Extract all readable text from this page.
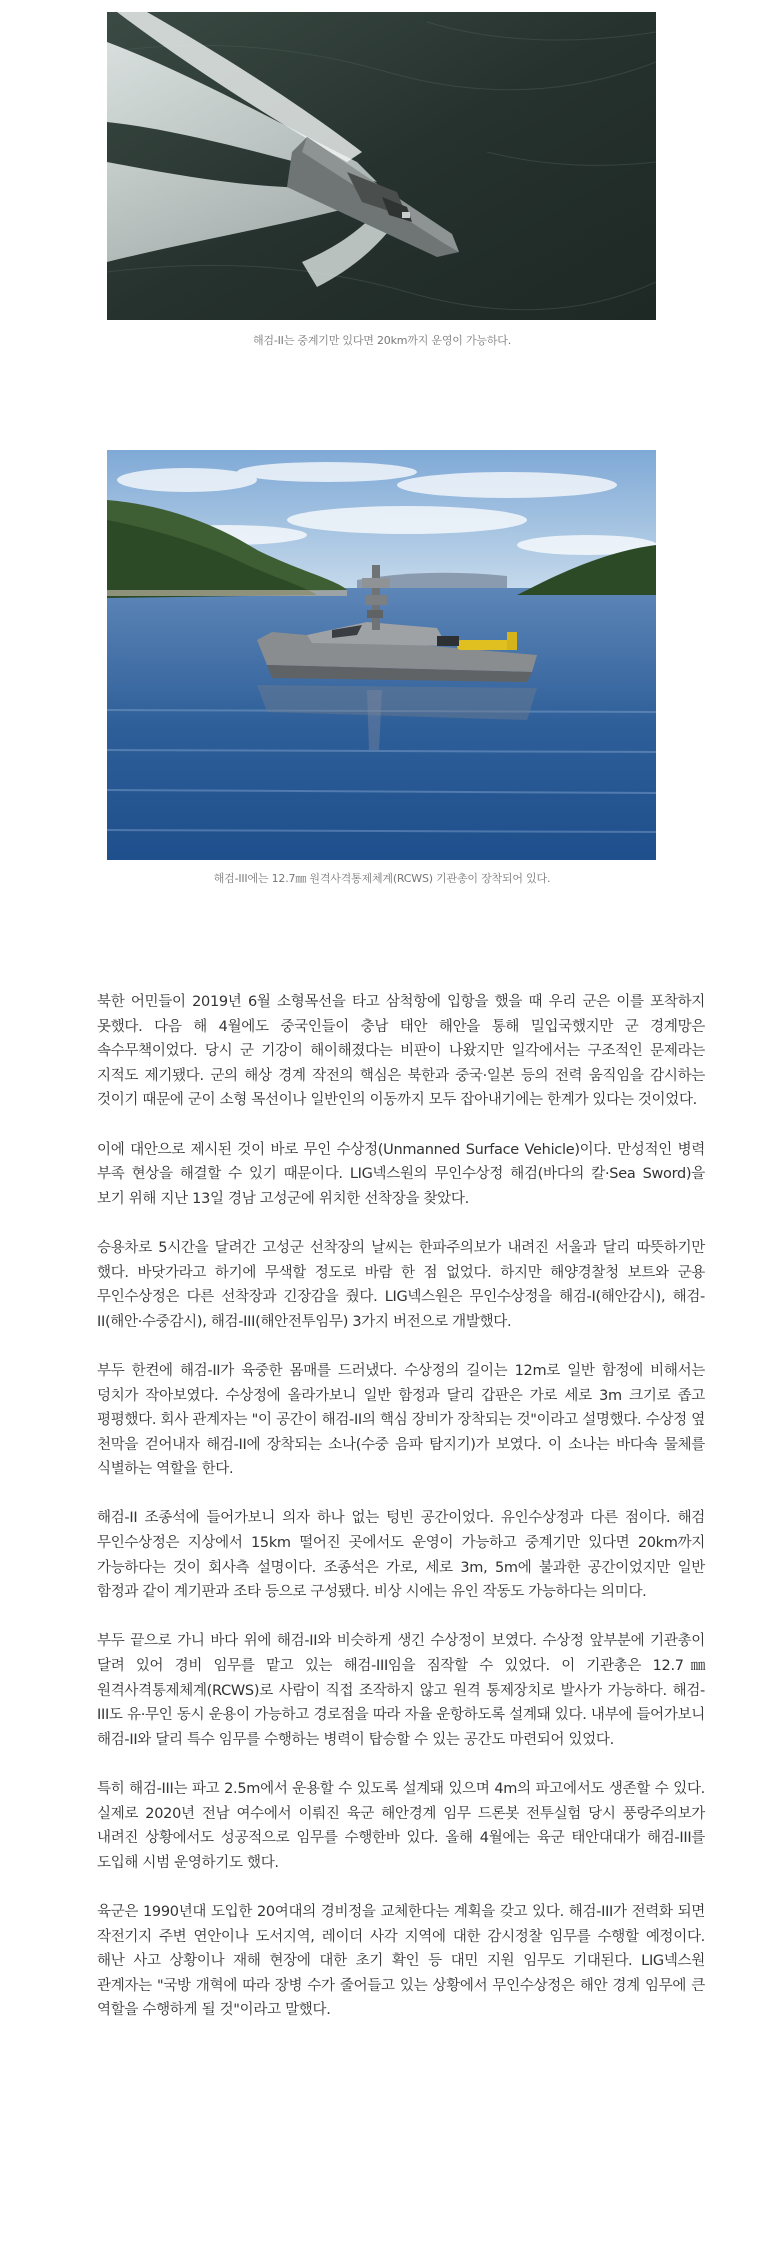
해검-II는 중계기만 있다면 20km까지 운영이 가능하다.
해검-III에는 12.7㎜ 원격사격통제체계(RCWS) 기관총이 장착되어 있다.

북한 어민들이 2019년 6월 소형목선을 타고 삼척항에 입항을 했을 때 우리 군은 이를 포착하지 못했다. 다음 해 4월에도 중국인들이 충남 태안 해안을 통해 밀입국했지만 군 경계망은 속수무책이었다. 당시 군 기강이 해이해졌다는 비판이 나왔지만 일각에서는 구조적인 문제라는 지적도 제기됐다. 군의 해상 경계 작전의 핵심은 북한과 중국·일본 등의 전력 움직임을 감시하는 것이기 때문에 군이 소형 목선이나 일반인의 이동까지 모두 잡아내기에는 한계가 있다는 것이었다.

이에 대안으로 제시된 것이 바로 무인 수상정(Unmanned Surface Vehicle)이다. 만성적인 병력 부족 현상을 해결할 수 있기 때문이다. LIG넥스원의 무인수상정 해검(바다의 칼·Sea Sword)을 보기 위해 지난 13일 경남 고성군에 위치한 선착장을 찾았다.

승용차로 5시간을 달려간 고성군 선착장의 날씨는 한파주의보가 내려진 서울과 달리 따뜻하기만 했다. 바닷가라고 하기에 무색할 정도로 바람 한 점 없었다. 하지만 해양경찰청 보트와 군용 무인수상정은 다른 선착장과 긴장감을 줬다. LIG넥스원은 무인수상정을 해검-I(해안감시), 해검-II(해안·수중감시), 해검-III(해안전투임무) 3가지 버전으로 개발했다.

부두 한켠에 해검-II가 육중한 몸매를 드러냈다. 수상정의 길이는 12m로 일반 함정에 비해서는 덩치가 작아보였다. 수상정에 올라가보니 일반 함정과 달리 갑판은 가로 세로 3m 크기로 좁고 평평했다. 회사 관계자는 "이 공간이 해검-II의 핵심 장비가 장착되는 것"이라고 설명했다. 수상정 옆 천막을 걷어내자 해검-II에 장착되는 소나(수중 음파 탐지기)가 보였다. 이 소나는 바다속 물체를 식별하는 역할을 한다.

해검-II 조종석에 들어가보니 의자 하나 없는 텅빈 공간이었다. 유인수상정과 다른 점이다. 해검 무인수상정은 지상에서 15km 떨어진 곳에서도 운영이 가능하고 중계기만 있다면 20km까지 가능하다는 것이 회사측 설명이다. 조종석은 가로, 세로 3m, 5m에 불과한 공간이었지만 일반 함정과 같이 계기판과 조타 등으로 구성됐다. 비상 시에는 유인 작동도 가능하다는 의미다.

부두 끝으로 가니 바다 위에 해검-II와 비슷하게 생긴 수상정이 보였다. 수상정 앞부분에 기관총이 달려 있어 경비 임무를 맡고 있는 해검-III임을 짐작할 수 있었다. 이 기관총은 12.7㎜ 원격사격통제체계(RCWS)로 사람이 직접 조작하지 않고 원격 통제장치로 발사가 가능하다. 해검-III도 유·무인 동시 운용이 가능하고 경로점을 따라 자율 운항하도록 설계돼 있다. 내부에 들어가보니 해검-II와 달리 특수 임무를 수행하는 병력이 탑승할 수 있는 공간도 마련되어 있었다.

특히 해검-III는 파고 2.5m에서 운용할 수 있도록 설계돼 있으며 4m의 파고에서도 생존할 수 있다. 실제로 2020년 전남 여수에서 이뤄진 육군 해안경계 임무 드론봇 전투실험 당시 풍랑주의보가 내려진 상황에서도 성공적으로 임무를 수행한바 있다. 올해 4월에는 육군 태안대대가 해검-III를 도입해 시범 운영하기도 했다.

육군은 1990년대 도입한 20여대의 경비정을 교체한다는 계획을 갖고 있다. 해검-III가 전력화 되면 작전기지 주변 연안이나 도서지역, 레이더 사각 지역에 대한 감시정찰 임무를 수행할 예정이다. 해난 사고 상황이나 재해 현장에 대한 초기 확인 등 대민 지원 임무도 기대된다. LIG넥스원 관계자는 "국방 개혁에 따라 장병 수가 줄어들고 있는 상황에서 무인수상정은 해안 경계 임무에 큰 역할을 수행하게 될 것"이라고 말했다.
